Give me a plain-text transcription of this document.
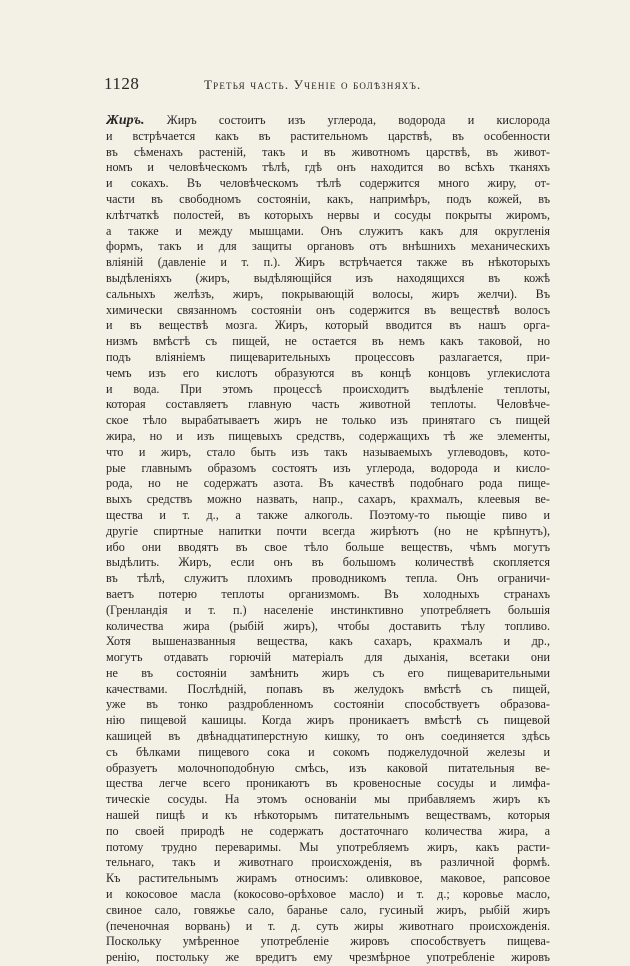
1128	Третья часть. Ученіе о болѣзняхъ.
Жиръ. Жиръ состоитъ изъ углерода, водорода и кислорода
и встрѣчается какъ въ растительномъ царствѣ, въ особенности
въ сѣменахъ растеній, такъ и въ животномъ царствѣ, въ живот-
номъ и человѣческомъ тѣлѣ, гдѣ онъ находится во всѣхъ тканяхъ
и сокахъ. Въ человѣческомъ тѣлѣ содержится много жиру, от-
части въ свободномъ состояніи, какъ, напримѣръ, подъ кожей, въ
клѣтчаткѣ полостей, въ которыхъ нервы и сосуды покрыты жиромъ,
а также и между мышцами. Онъ служитъ какъ для округленія
формъ, такъ и для защиты органовъ отъ внѣшнихъ механическихъ
вліяній (давленіе и т. п.). Жиръ встрѣчается также въ нѣкоторыхъ
выдѣленіяхъ (жиръ, выдѣляющійся изъ находящихся въ кожѣ
сальныхъ желѣзъ, жиръ, покрывающій волосы, жиръ желчи). Въ
химически связанномъ состояніи онъ содержится въ веществѣ волосъ
и въ веществѣ мозга. Жиръ, который вводится въ нашъ орга-
низмъ вмѣстѣ съ пищей, не остается въ немъ какъ таковой, но
подъ вліяніемъ пищеварительныхъ процессовъ разлагается, при-
чемъ изъ его кислотъ образуются въ концѣ концовъ углекислота
и вода. При этомъ процессѣ происходитъ выдѣленіе теплоты,
которая составляетъ главную часть животной теплоты. Человѣче-
ское тѣло вырабатываетъ жиръ не только изъ принятаго съ пищей
жира, но и изъ пищевыхъ средствъ, содержащихъ тѣ же элементы,
что и жиръ, стало быть изъ такъ называемыхъ углеводовъ, кото-
рые главнымъ образомъ состоятъ изъ углерода, водорода и кисло-
рода, но не содержатъ азота. Въ качествѣ подобнаго рода пище-
выхъ средствъ можно назвать, напр., сахаръ, крахмалъ, клеевыя ве-
щества и т. д., а также алкоголь. Поэтому-то пьющіе пиво и
другіе спиртные напитки почти всегда жирѣютъ (но не крѣпнутъ),
ибо они вводятъ въ свое тѣло больше веществъ, чѣмъ могутъ
выдѣлить. Жиръ, если онъ въ большомъ количествѣ скопляется
въ тѣлѣ, служитъ плохимъ проводникомъ тепла. Онъ ограничи-
ваетъ потерю теплоты организмомъ. Въ холодныхъ странахъ
(Гренландія и т. п.) населеніе инстинктивно употребляетъ большія
количества жира (рыбій жиръ), чтобы доставить тѣлу топливо.
Хотя вышеназванныя вещества, какъ сахаръ, крахмалъ и др.,
могутъ отдавать горючій матеріалъ для дыханія, всетаки они
не въ состояніи замѣнить жиръ съ его пищеварительными
качествами. Послѣдній, попавъ въ желудокъ вмѣстѣ съ пищей,
уже въ тонко раздробленномъ состояніи способствуетъ образова-
нію пищевой кашицы. Когда жиръ проникаетъ вмѣстѣ съ пищевой
кашицей въ двѣнадцатиперстную кишку, то онъ соединяется здѣсь
съ бѣлками пищевого сока и сокомъ поджелудочной железы и
образуетъ молочноподобную смѣсь, изъ каковой питательныя ве-
щества легче всего проникаютъ въ кровеносные сосуды и лимфа-
тическіе сосуды. На этомъ основаніи мы прибавляемъ жиръ къ
нашей пищѣ и къ нѣкоторымъ питательнымъ веществамъ, которыя
по своей природѣ не содержатъ достаточнаго количества жира, а
потому трудно переваримы. Мы употребляемъ жиръ, какъ расти-
тельнаго, такъ и животнаго происхожденія, въ различной формѣ.
Къ растительнымъ жирамъ относимъ: оливковое, маковое, рапсовое
и кокосовое масла (кокосово-орѣховое масло) и т. д.; коровье масло,
свиное сало, говяжье сало, баранье сало, гусиный жиръ, рыбій жиръ
(печеночная ворвань) и т. д. суть жиры животнаго происхожденія.
Поскольку умѣренное употребленіе жировъ способствуетъ пищева-
ренію, постольку же вредитъ ему чрезмѣрное употребленіе жировъ
